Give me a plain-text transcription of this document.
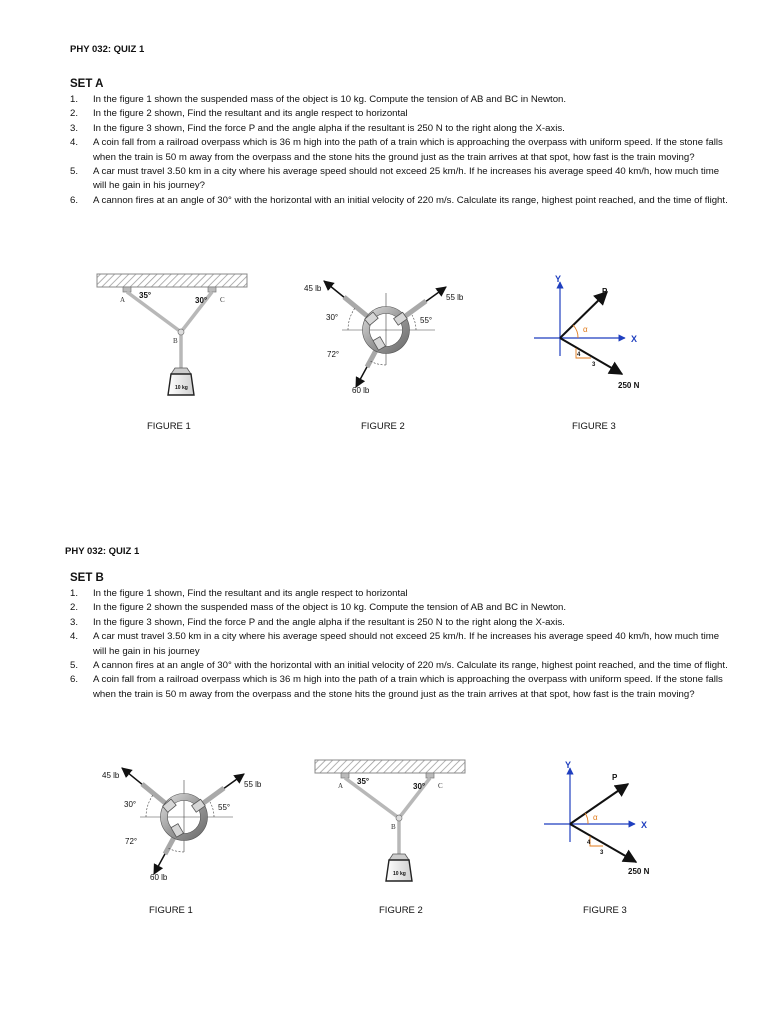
PHY 032: QUIZ 1
SET A
1.	In the figure 1 shown the suspended mass of the object is 10 kg. Compute the tension of AB and BC in Newton.
2.	In the figure 2 shown, Find the resultant and its angle respect to horizontal
3.	In the figure 3 shown, Find the force P and the angle alpha if the resultant is 250 N to the right along the X-axis.
4.	A coin fall from a railroad overpass which is 36 m high into the path of a train which is approaching the overpass with uniform speed. If the stone falls when the train is 50 m away from the overpass and the stone hits the ground just as the train arrives at that spot, how fast is the train moving?
5.	A car must travel 3.50 km in a city where his average speed should not exceed 25 km/h. If he increases his average speed 40 km/h, how much time will he gain in his journey?
6.	A cannon fires at an angle of 30° with the horizontal with an initial velocity of 220 m/s. Calculate its range, highest point reached, and the time of flight.
A	C
B
35°
30°
10 kg
45 lb
55 lb
60 lb
30°	55°
72°
Y
X
P
α
4
3
250 N
FIGURE 1	FIGURE 2	FIGURE 3
PHY 032: QUIZ 1
SET B
1.	In the figure 1 shown, Find the resultant and its angle respect to horizontal
2.	In the figure 2 shown the suspended mass of the object is 10 kg. Compute the tension of AB and BC in Newton.
3.	In the figure 3 shown, Find the force P and the angle alpha if the resultant is 250 N to the right along the X-axis.
4.	A car must travel 3.50 km in a city where his average speed should not exceed 25 km/h. If he increases his average speed 40 km/h, how much time will he gain in his journey
5.	A cannon fires at an angle of 30° with the horizontal with an initial velocity of 220 m/s. Calculate its range, highest point reached, and the time of flight.
6.	A coin fall from a railroad overpass which is 36 m high into the path of a train which is approaching the overpass with uniform speed. If the stone falls when the train is 50 m away from the overpass and the stone hits the ground just as the train arrives at that spot, how fast is the train moving?
45 lb
55 lb
60 lb
30°	55°
72°
A	C
B
35°
30°
10 kg
Y
X
P
α
4
3
250 N
FIGURE 1	FIGURE 2	FIGURE 3
